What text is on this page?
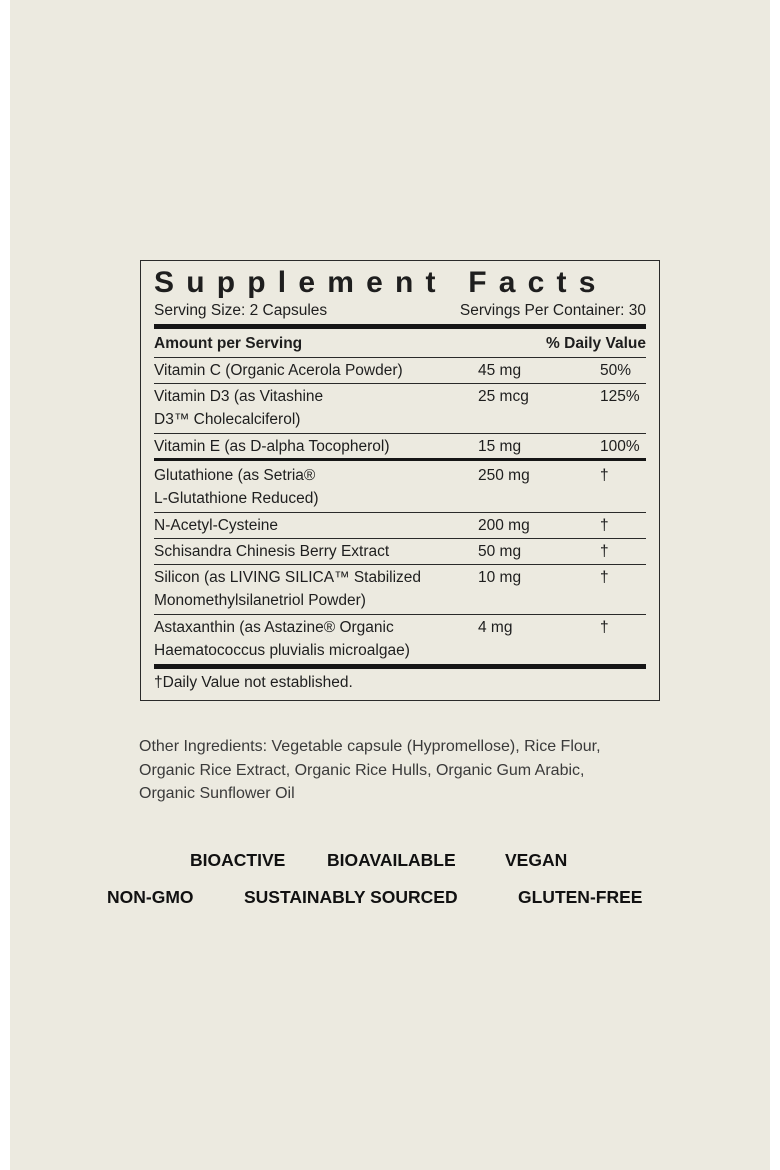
Supplement Facts
Serving Size: 2 Capsules	Servings Per Container: 30
Amount per Serving	% Daily Value
Vitamin C (Organic Acerola Powder)	45 mg	50%
Vitamin D3 (as Vitashine
D3™ Cholecalciferol)
25 mcg	125%
Vitamin E (as D-alpha Tocopherol)	15 mg	100%
Glutathione (as Setria®
L-Glutathione Reduced)
250 mg	†
N-Acetyl-Cysteine	200 mg	†
Schisandra Chinesis Berry Extract	50 mg	†
Silicon (as LIVING SILICA™ Stabilized
Monomethylsilanetriol Powder)
10 mg	†
Astaxanthin (as Astazine® Organic
Haematococcus pluvialis microalgae)
4 mg	†
†Daily Value not established.
Other Ingredients: Vegetable capsule (Hypromellose), Rice Flour,
Organic Rice Extract, Organic Rice Hulls, Organic Gum Arabic,
Organic Sunflower Oil
BIOACTIVE BIOAVAILABLE	VEGAN
NON-GMO	SUSTAINABLY SOURCED	GLUTEN-FREE
